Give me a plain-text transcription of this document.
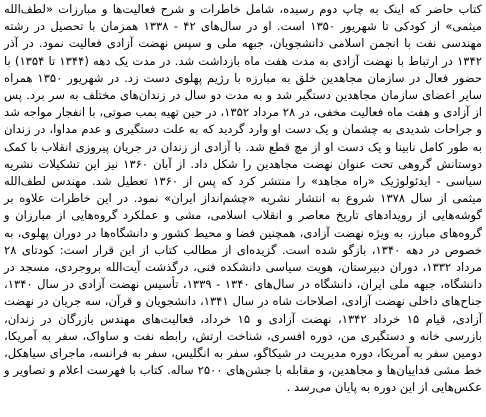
کتاب حاضر که اینک به چاپ دوم رسیده، شامل خاطرات و شرح فعالیت‌ها و مبارزات «لطف‌الله میثمی» از کودکی تا شهریور ۱۳۵۰ است. او در سال‌های ۴۲ - ۱۳۳۸ همزمان با تحصیل در رشته مهندسی نفت با انجمن اسلامی دانشجویان، جبهه ملی و سپس نهضت آزادی فعالیت نمود. در آذر ۱۳۴۲ در ارتباط با نهضت آزادی به مدت هفت ماه بازداشت شد. در مدت یک دهه (۱۳۴۴ تا ۱۳۵۴) با حضور فعال در سازمان مجاهدین خلق به مبارزه با رژیم پهلوی دست زد. در شهریور ۱۳۵۰ همراه سایر اعضای سازمان مجاهدین دستگیر شد و به مدت دو سال در زندان‌های مختلف به سر برد. پس از آزادی و هفت ماه فعالیت مخفی، در ۲۸ مرداد ۱۳۵۲، در حین تهیه بمب صوتی، با انفجار مواجه شد و جراحات شدیدی به چشمان و یک دست او وارد گردید که به علت دستگیری و عدم مداوا، در زندان به طور کامل نابینا و یک دست او از مچ قطع شد. با آزادی از زندان در جریان پیروزی انقلاب با کمک دوستانش گروهی تحت عنوان نهضت مجاهدین را شکل داد. از آبان ۱۳۶۰ نیز این تشکیلات نشریه سیاسی - ایدئولوژیک «راه مجاهد» را منتشر کرد که پس از ۱۳۶۰ تعطیل شد. مهندس لطف‌الله میثمی از سال ۱۳۷۸ شروع به انتشار نشریه «چشم‌انداز ایران» نمود. در این خاطرات علاوه بر گوشه‌هایی از رویدادهای تاریخ معاصر و انقلاب اسلامی، مشی و عملکرد گروه‌هایی از مبارزان و گروه‌های مبارز، به ویژه نهضت آزادی، همچنین فضا و محیط کشور و دانشگاه‌ها در دوران پهلوی، به خصوص در دهه ۱۳۴۰، بازگو شده است. گزیده‌ای از مطالب کتاب از این قرار است: کودتای ۲۸ مرداد ۱۳۳۲، دوران دبیرستان، هویت سیاسی دانشکده فنی، درگذشت آیت‌الله بروجردی، مسجد در دانشگاه، جبهه ملی ایران، دانشگاه در سال‌های ۱۳۴۰ - ۱۳۳۹، تأسیس نهضت آزادی در سال ۱۳۴۰، جناح‌های داخلی نهضت آزادی، اصلاحات شاه در سال ۱۳۴۱، دانشجویان و قرآن، سه جریان در نهضت آزادی، قیام ۱۵ خرداد ۱۳۴۲، نهضت آزادی و ۱۵ خرداد، فعالیت‌های مهندس بازرگان در زندان، بازرسی خانه و دستگیری من، دوره افسری، شناخت ارتش، رابطه نفت و ساواک، سفر به آمریکا، دومین سفر به آمریکا، دوره مدیریت در شیکاگو، سفر به انگلیس، سفر به فرانسه، ماجرای سیاهکل، خط مشی فداییان‌ها و مجاهدین، و مقابله با جشن‌های ۲۵۰۰ ساله. کتاب با فهرست اعلام و تصاویر و عکس‌هایی از این دوره به پایان می‌رسد .
